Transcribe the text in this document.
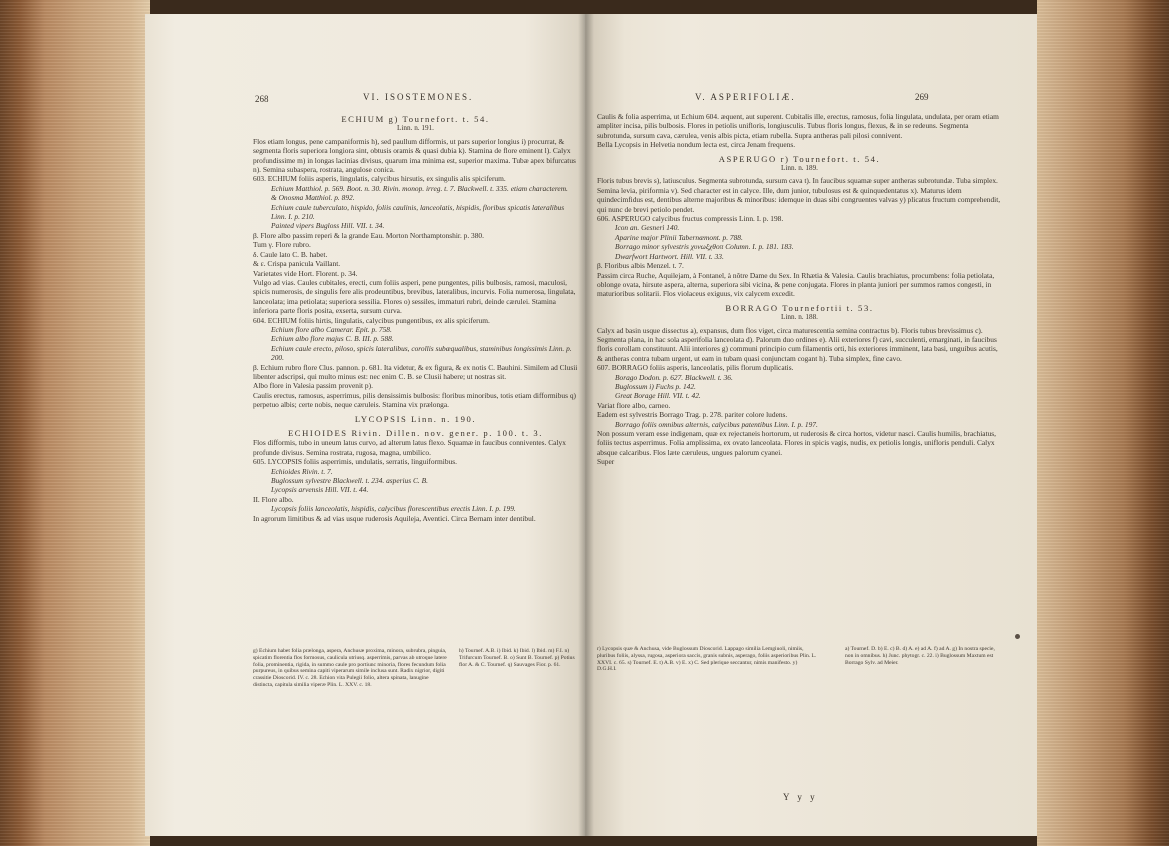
268	VI. ISOSTEMONES.

ECHIUM g) Tournefort. t. 54.

Linn. n. 191.

Flos etiam longus, pene campaniformis h), sed paullum difformis, ut pars superior longius i) procurrat, & segmenta floris superiora longiora sint, obtusis oramis & quasi dubia k). Stamina de flore eminent l). Calyx profundissime m) in longas lacinias divisus, quarum ima minima est, superior maxima. Tubæ apex bifurcatus n). Semina subaspera, rostrata, angulose conica.

603. ECHIUM foliis asperis, lingulatis, calycibus hirsutis, ex singulis alis spiciferum.

Echium Matthiol. p. 569. Boot. n. 30. Rivin. monop. irreg. t. 7. Blackwell. t. 335. etiam characterem.

& Onosma Matthiol. p. 892.

Echium caule tuberculato, hispido, foliis caulinis, lanceolatis, hispidis, floribus spicatis lateralibus Linn. I. p. 210.

Painted vipers Bugloss Hill. VII. t. 34.

β. Flore albo passim reperi & la grande Eau. Morton Northamptonshir. p. 380.

Tum γ. Flore rubro.

δ. Caule lato C. B. habet.

& ε. Crispa panicula Vaillant.

Varietates vide Hort. Florent. p. 34.

Vulgo ad vias. Caules cubitales, erecti, cum foliis asperi, pene pungentes, pilis bulbosis, ramosi, maculosi, spicis numerosis, de singulis fere alis prodeuntibus, brevibus, lateralibus, incurvis. Folia numerosa, lingulata, lanceolata; ima petiolata; superiora sessilia. Flores o) sessiles, immaturi rubri, deinde cærulei. Stamina inferiora parte floris posita, exserta, sursum curva.

604. ECHIUM foliis hirtis, lingulatis, calycibus pungentibus, ex alis spiciferum.

Echium flore albo Camerar. Epit. p. 758.

Echium albo flore majus C. B. III. p. 588.

Echium caule erecto, piloso, spicis lateralibus, corollis subæqualibus, staminibus longissimis Linn. p. 200.

β. Echium rubro flore Clus. pannon. p. 681. Ita videtur, & ex figura, & ex notis C. Bauhini. Similem ad Clusii libenter adscripsi, qui multo minus est: nec enim C. B. se Clusii habere; ut nostras sit.

Albo flore in Valesia passim provenit p).

Caulis erectus, ramosus, asperrimus, pilis densissimis bulbosis: floribus minoribus, totis etiam difformibus q) perpetuo albis; certe nobis, neque cæruleis. Stamina vix prælonga.

LYCOPSIS Linn. n. 190.

ECHIOIDES Rivin. Dillen. nov. gener. p. 100. t. 3.

Flos difformis, tubo in uneum latus curvo, ad alterum latus flexo. Squamæ in faucibus conniventes. Calyx profunde divisus. Semina rostrata, rugosa, magna, umbilico.

605. LYCOPSIS foliis asperrimis, undulatis, serratis, linguiformibus.

Echioides Rivin. t. 7.

Buglossum sylvestre Blackwell. t. 234. asperius C. B.

Lycopsis arvensis Hill. VII. t. 44.

II. Flore albo.

Lycopsis foliis lanceolatis, hispidis, calycibus florescentibus erectis Linn. I. p. 199.

In agrorum limitibus & ad vias usque ruderosis Aquileja, Aventici. Circa Bernam inter dentibul.

g) Echium habet folia prælonga, aspera, Anchusæ proxima, minora, subrubra, pinguia, spicatim florentia flos formosus, caulicula utriusq. asperrimis, parvas ab utroque latere folia, prominentia, rigida, in summo caule pro portiunc minoria, flores fecundum folia purpureus, in quibus semina capiti viperarum simile inclusa sunt. Radix nigrior, digiti crassitie Dioscorid. IV. c. 28. Echion vita Pulegii folio, altera spinata, lanugine distincta, capitula similia viperæ Plin. L. XXV. c. 18.
h) Tournef. A.B. i) Ibid. k) Ibid. l) Ibid. m) F.I. n) Trifurcum Tournef. B. o) Sunt B. Tournef. p) Potius flor A. & C. Tournef. q) Sauvages Fior. p. 61.
V. ASPERIFOLIÆ.	269

Caulis & folia asperrima, ut Echium 604. æquent, aut superent. Cubitalis ille, erectus, ramosus, folia lingulata, undulata, per oram etiam ampliter incisa, pilis bulbosis. Flores in petiolis unifloris, longiusculis. Tubus floris longus, flexus, & in se redeuns. Segmenta subrotunda, sursum cava, cærulea, venis albis picta, etiam rubella. Supra antheras pali pilosi connivent.

Bella Lycopsis in Helvetia nondum lecta est, circa Jenam frequens.

ASPERUGO r) Tournefort. t. 54.

Linn. n. 189.

Floris tubus brevis s), latiusculus. Segmenta subrotunda, sursum cava t). In faucibus squamæ super antheras subrotundæ. Tuba simplex. Semina levia, piriformia v). Sed character est in calyce. Ille, dum junior, tubulosus est & quinquedentatus x). Maturus idem quindecimfidus est, dentibus alterne majoribus & minoribus: idemque in duas sibi congruentes valvas y) plicatus fructum comprehendit, qui nunc de brevi petiolo pendet.

606. ASPERUGO calycibus fructus compressis Linn. I. p. 198.

Icon an. Gesnerì 140.

Aparine major Plinii Tabernæmont. p. 788.

Borrago minor sylvestris χυνωξχθοπ Column. I. p. 181. 183.

Dwarfwort Hartwort. Hill. VII. t. 33.

β. Floribus albis Menzel. t. 7.

Passim circa Ruche, Aquilejam, à Fontanel, à nôtre Dame du Sex. In Rhætia & Valesia. Caulis brachiatus, procumbens: folia petiolata, oblonge ovata, hirsute aspera, alterna, superiora sibi vicina, & pene conjugata. Flores in planta juniori per summos ramos congesti, in maturioribus solitarii. Flos violaceus exiguus, vix calycem excedit.

BORRAGO Tournefortii t. 53.

Linn. n. 188.

Calyx ad basin usque dissectus a), expansus, dum flos viget, circa maturescentia semina contractus b). Floris tubus brevissimus c). Segmenta plana, in hac sola asperifolia lanceolata d). Palorum duo ordines e). Alii exteriores f) cavi, succulenti, emarginati, in faucibus floris corollam constituunt. Alii interiores g) communi principio cum filamentis orti, his exteriores imminent, lata basi, unguibus acutis, & antheras contra tubam urgent, ut eam in tubam quasi conjunctam cogant h). Tuba simplex, fine cavo.

607. BORRAGO foliis asperis, lanceolatis, pilis florum duplicatis.

Borago Dodon. p. 627. Blackwell. t. 36.

Buglossum i) Fuchs p. 142.

Great Borage Hill. VII. t. 42.

Variat flore albo, carneo.

Eadem est sylvestris Borrago Trag. p. 278. pariter colore ludens.

Borrago foliis omnibus alternis, calycibus patentibus Linn. I. p. 197.

Non possum veram esse indigenam, quæ ex rejectaneis hortorum, ut ruderosis & circa hortos, videtur nasci. Caulis humilis, brachiatus, foliis tectus asperrimus. Folia amplissima, ex ovato lanceolata. Flores in spicis vagis, nudis, ex petiolis longis, unifloris penduli. Calyx absque calcaribus. Flos læte cæruleus, ungues palorum cyanei.

Super

r) Lycopsis quæ & Anchusa, vide Buglossum Dioscorid. Lappago similia Lemgiuoli, nimiis, pluribus foliis, alyssa, rugosa, asperiora saccis, granis subnis, asperago, foliis asperioribus Plin. L. XXVI. c. 65. s) Tournef. E. t) A.B. v) E. x) C. Sed plerique seccantur, nimis manifesto. y) D.G.H.I.
a) Tournef. D. b) E. c) B. d) A. e) ad A. f) ad A. g) In nostra specie, non in omnibus. h) Junc. phytogr. c. 22. i) Buglossum Maxtum est Borrago Sylv. ad Meier.
Y y y
